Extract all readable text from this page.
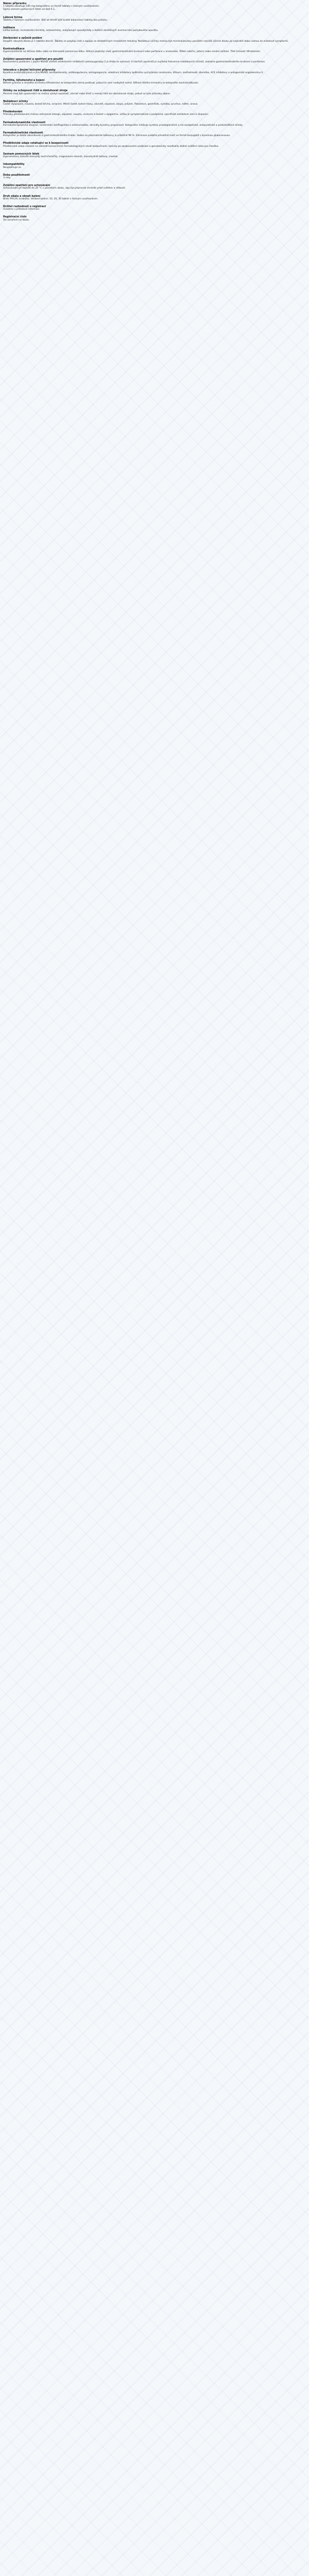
Název přípravku

1 tableta obsahuje 100 mg ketoprofenu ve formě tablety s řízeným uvolňováním.

Úplný seznam pomocných látek viz bod 6.1.

Léková forma

Tableta s řízeným uvolňováním. Bílé až téměř bílé kulaté bikonvexní tablety bez potisku.

Indikace

Léčba bolesti, revmatoidní artritidy, osteoartrózy, ankylozující spondylitidy a dalších zánětlivých onemocnění pohybového aparátu.

Dávkování a způsob podání

Dospělí: obvyklá dávka je 1 tableta denně. Tablety se polykají celé a zapíjejí se dostatečným množstvím tekutiny. Nežádoucí účinky mohou být minimalizovány použitím nejnižší účinné dávky po nejkratší dobu nutnou ke zvládnutí symptomů.

Kontraindikace

Hypersenzitivita na léčivou látku nebo na kteroukoli pomocnou látku. Aktivní peptický vřed, gastrointestinální krvácení nebo perforace v anamnéze. Těžké srdeční, jaterní nebo renální selhání. Třetí trimestr těhotenství.

Zvláštní upozornění a opatření pro použití

Současnému podávání s jinými NSAID včetně selektivních inhibitorů cyklooxygenázy-2 je třeba se vyhnout. U starších pacientů je zvýšená frekvence nežádoucích účinků, zejména gastrointestinálního krvácení a perforace.

Interakce s jinými léčivými přípravky

Kyselina acetylsalicylová a jiná NSAID, kortikosteroidy, antikoagulancia, antiagregancia, selektivní inhibitory zpětného vychytávání serotoninu, lithium, methotrexát, diuretika, ACE inhibitory a antagonisté angiotenzinu II.

Fertilita, těhotenství a kojení

Během prvního a druhého trimestru těhotenství se ketoprofen nemá podávat, pokud to není nezbytně nutné. Během třetího trimestru je ketoprofen kontraindikován.

Účinky na schopnost řídit a obsluhovat stroje

Pacienti mají být upozorněni na možný výskyt ospalosti, závratí nebo křečí a nemají řídit ani obsluhovat stroje, pokud se tyto příznaky objeví.

Nežádoucí účinky

Časté: dyspepsie, nauzea, bolest břicha, zvracení. Méně časté: bolest hlavy, závratě, ospalost, zácpa, průjem, flatulence, gastritida, vyrážka, pruritus, edém, únava.

Předávkování

Příznaky předávkování mohou zahrnovat letargii, ospalost, nauzeu, zvracení a bolest v epigastriu. Léčba je symptomatická a podpůrná; specifické antidotum není k dispozici.

Farmakodynamické vlastnosti

Farmakoterapeutická skupina: nesteroidní antiflogistika a antirevmatika, deriváty kyseliny propionové. Ketoprofen inhibuje syntézu prostaglandinů a má analgetické, antipyretické a protizánětlivé účinky.

Farmakokinetické vlastnosti

Ketoprofen je dobře absorbován z gastrointestinálního traktu. Vazba na plazmatické bílkoviny je přibližně 99 %. Eliminace probíhá převážně močí ve formě konjugátů s kyselinou glukuronovou.

Předklinické údaje vztahující se k bezpečnosti

Předklinické údaje získané na základě konvenčních farmakologických studií bezpečnosti, toxicity po opakovaném podávání a genotoxicity neodhalily žádné zvláštní riziko pro člověka.

Seznam pomocných látek

Hypromelosa, koloidní bezvodý oxid křemičitý, magnesium-stearát, monohydrát laktosy, mastek.

Inkompatibility

Neuplatňuje se.

Doba použitelnosti

3 roky.

Zvláštní opatření pro uchovávání

Uchovávejte při teplotě do 25 °C v původním obalu, aby byl přípravek chráněn před světlem a vlhkostí.

Druh obalu a obsah balení

Blistr PVC/Al, krabička. Velikost balení: 10, 20, 30 tablet s řízeným uvolňováním.

Držitel rozhodnutí o registraci

Uvedeno v příbalové informaci.

Registrační číslo

Viz označení na obalu.
